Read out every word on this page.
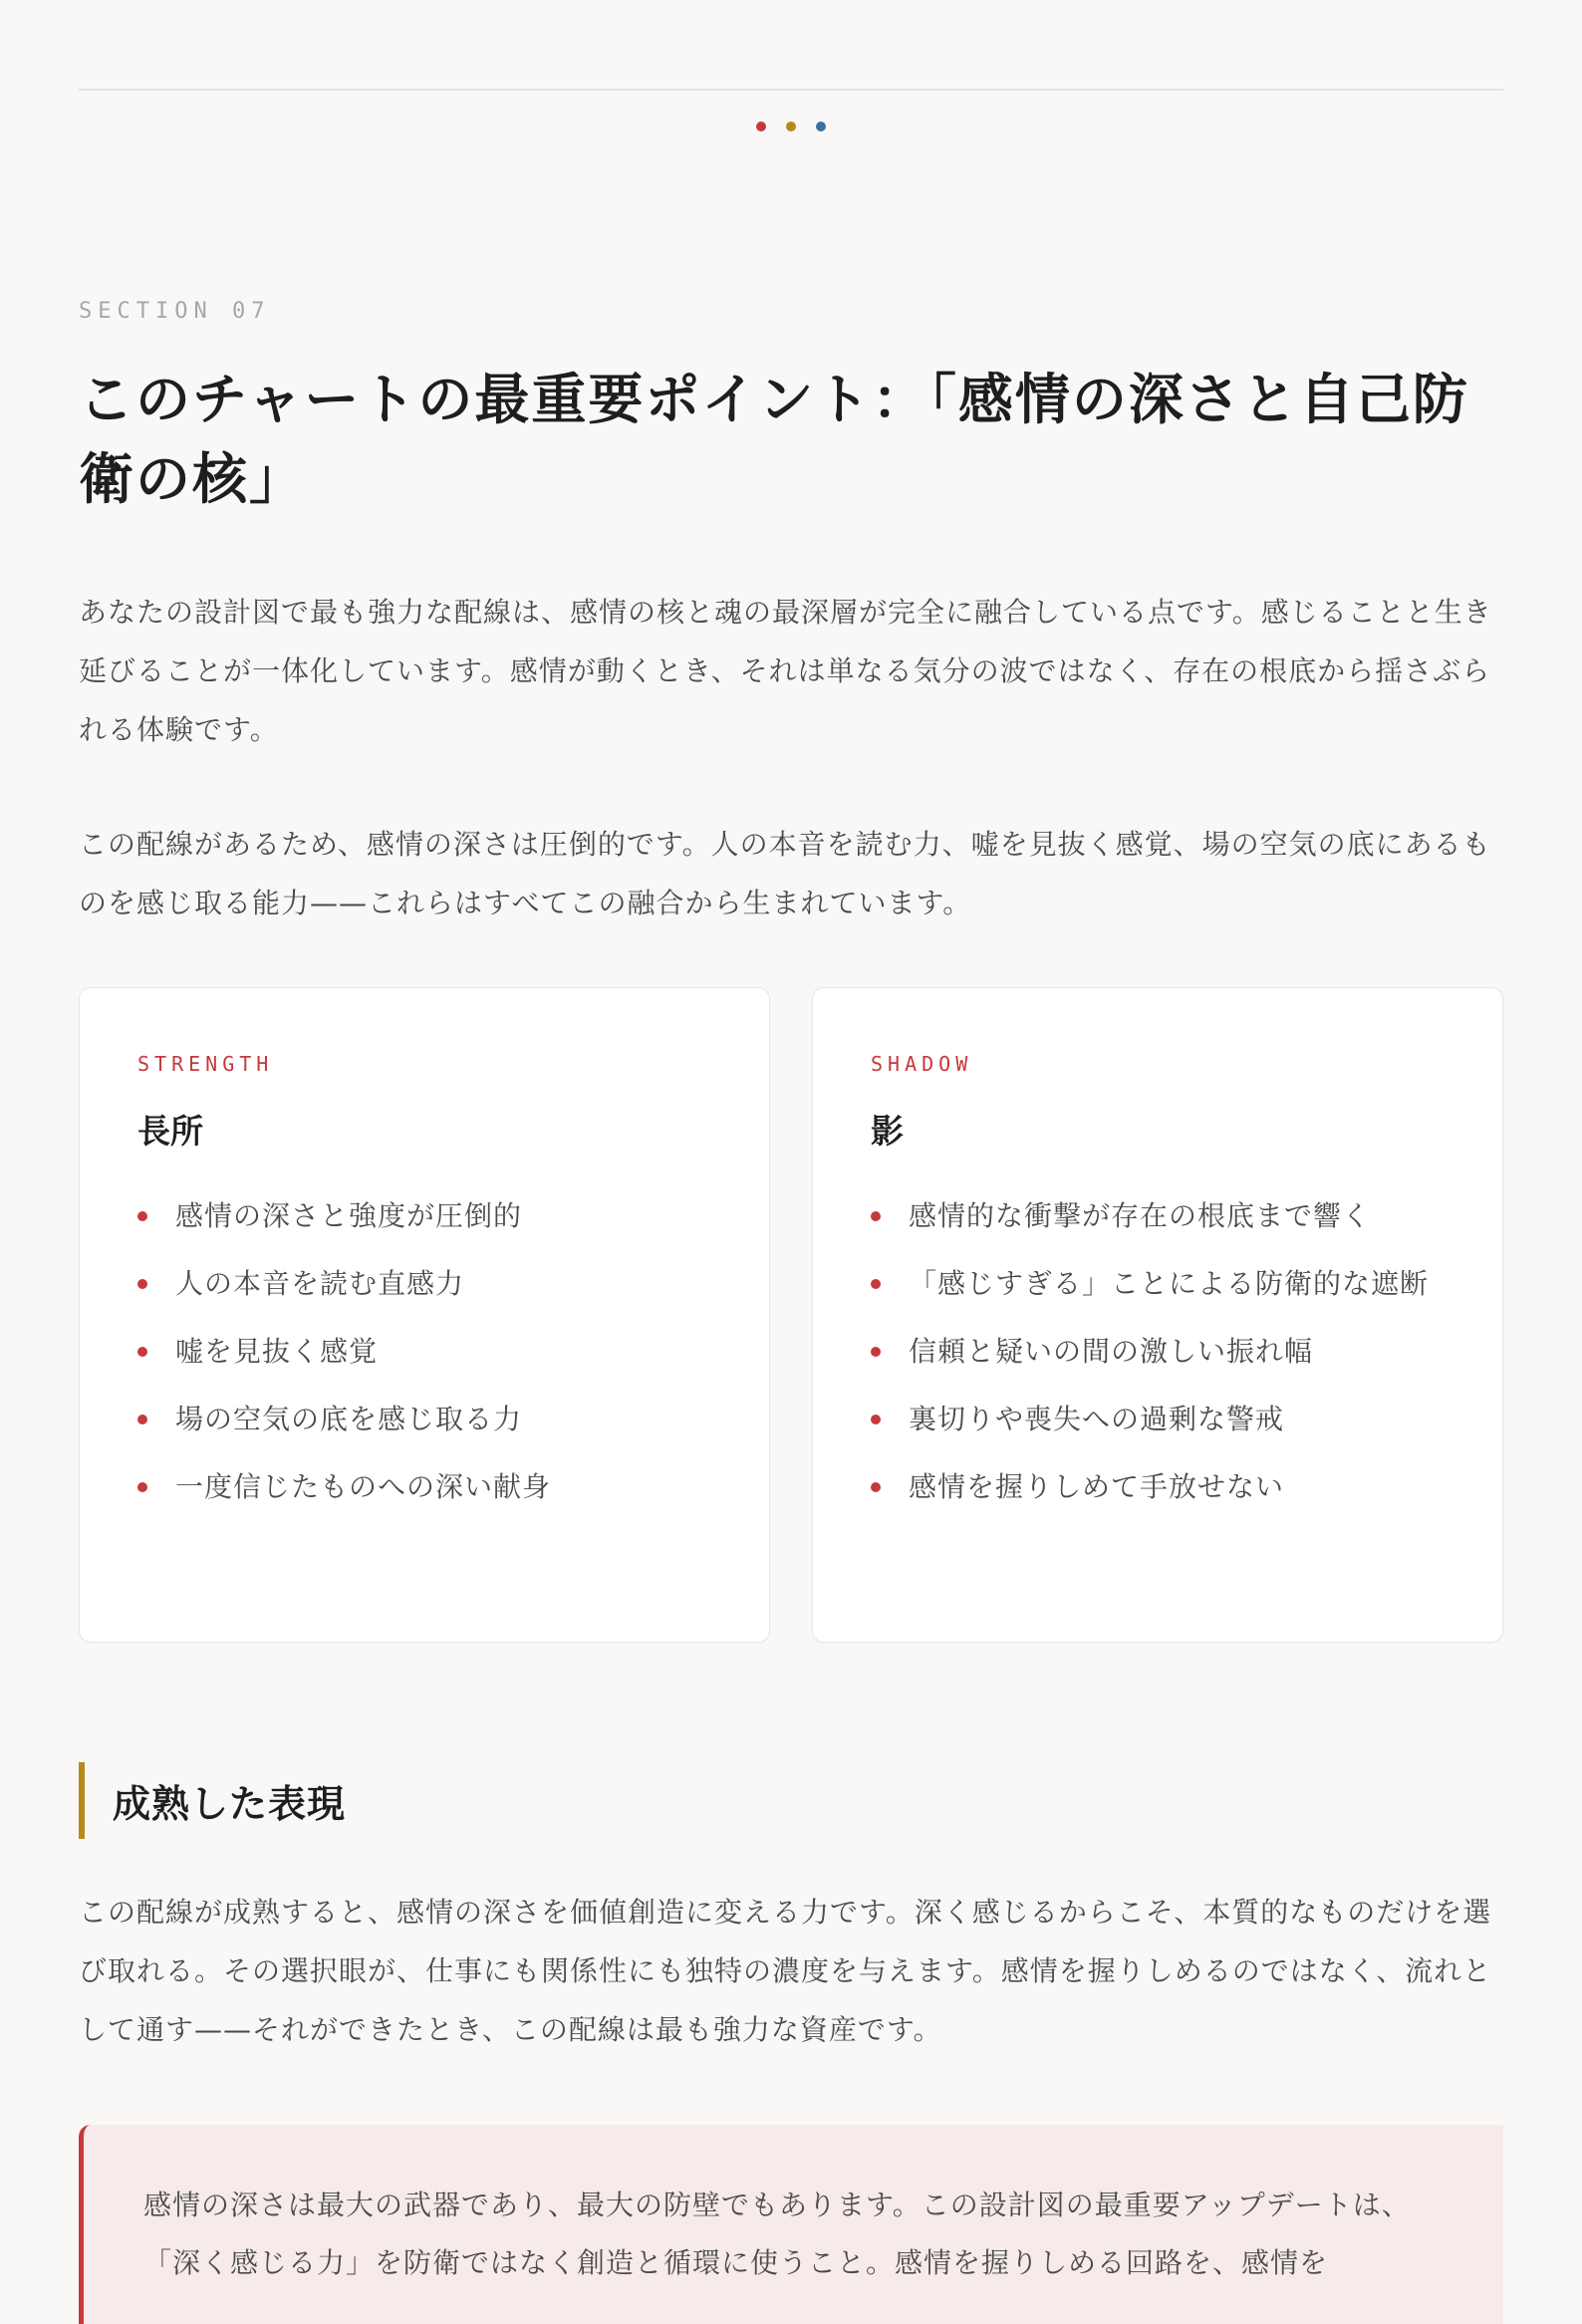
SECTION 07

このチャートの最重要ポイント：「感情の深さと自己防衛の核」

あなたの設計図で最も強力な配線は、感情の核と魂の最深層が完全に融合している点です。感じることと生き延びることが一体化しています。感情が動くとき、それは単なる気分の波ではなく、存在の根底から揺さぶられる体験です。

この配線があるため、感情の深さは圧倒的です。人の本音を読む力、嘘を見抜く感覚、場の空気の底にあるものを感じ取る能力——これらはすべてこの融合から生まれています。

STRENGTH

長所

感情の深さと強度が圧倒的
人の本音を読む直感力
嘘を見抜く感覚
場の空気の底を感じ取る力
一度信じたものへの深い献身

SHADOW

影

感情的な衝撃が存在の根底まで響く
「感じすぎる」ことによる防衛的な遮断
信頼と疑いの間の激しい振れ幅
裏切りや喪失への過剰な警戒
感情を握りしめて手放せない
成熟した表現

この配線が成熟すると、感情の深さを価値創造に変える力です。深く感じるからこそ、本質的なものだけを選び取れる。その選択眼が、仕事にも関係性にも独特の濃度を与えます。感情を握りしめるのではなく、流れとして通す——それができたとき、この配線は最も強力な資産です。

感情の深さは最大の武器であり、最大の防壁でもあります。この設計図の最重要アップデートは、「深く感じる力」を防衛ではなく創造と循環に使うこと。感情を握りしめる回路を、感情を
